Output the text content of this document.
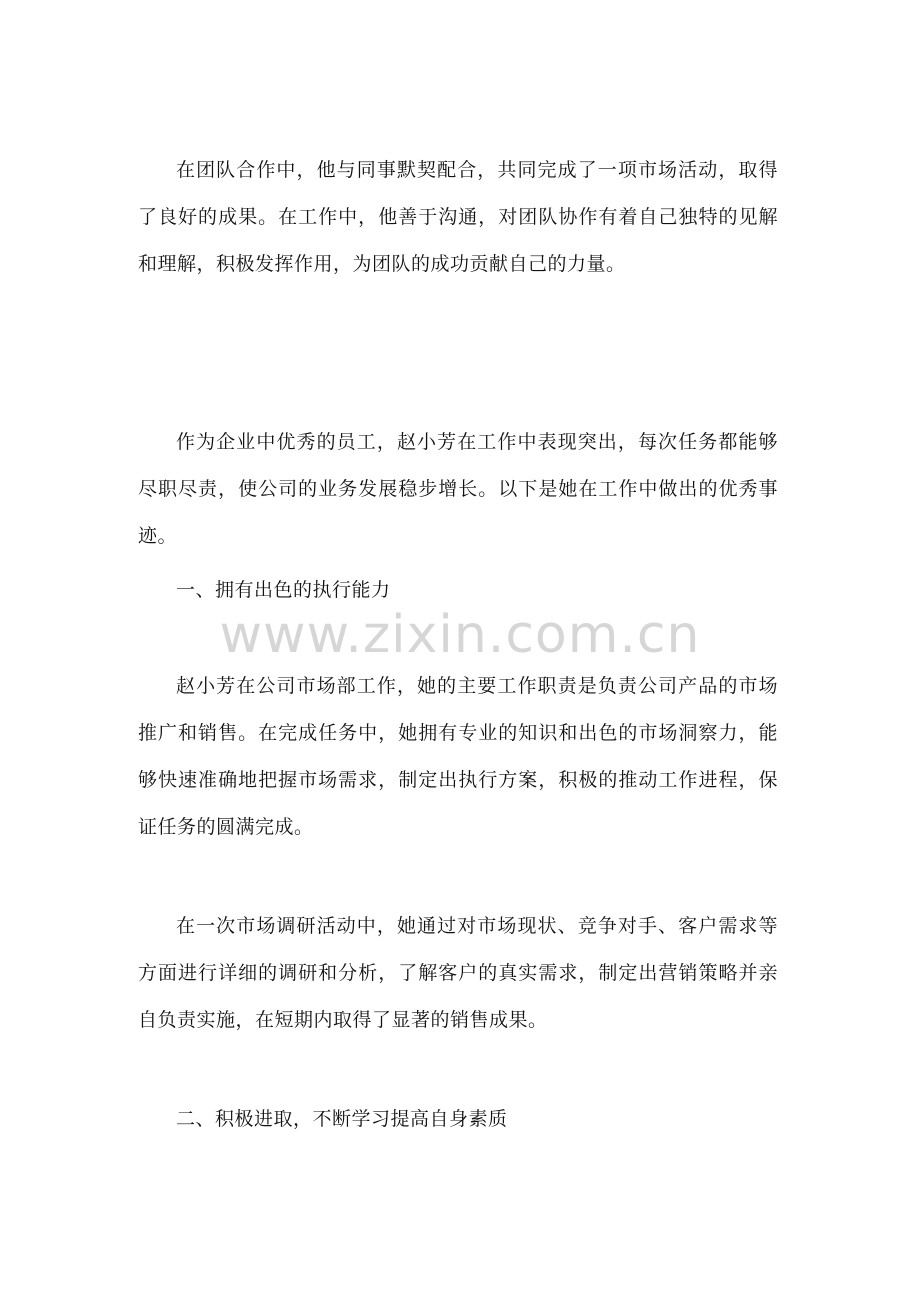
在团队合作中，他与同事默契配合，共同完成了一项市场活动，取得了良好的成果。在工作中，他善于沟通，对团队协作有着自己独特的见解和理解，积极发挥作用，为团队的成功贡献自己的力量。

作为企业中优秀的员工，赵小芳在工作中表现突出，每次任务都能够尽职尽责，使公司的业务发展稳步增长。以下是她在工作中做出的优秀事迹。

一、拥有出色的执行能力

www.zixin.com.cn

赵小芳在公司市场部工作，她的主要工作职责是负责公司产品的市场推广和销售。在完成任务中，她拥有专业的知识和出色的市场洞察力，能够快速准确地把握市场需求，制定出执行方案，积极的推动工作进程，保证任务的圆满完成。

在一次市场调研活动中，她通过对市场现状、竞争对手、客户需求等方面进行详细的调研和分析，了解客户的真实需求，制定出营销策略并亲自负责实施，在短期内取得了显著的销售成果。

二、积极进取，不断学习提高自身素质
